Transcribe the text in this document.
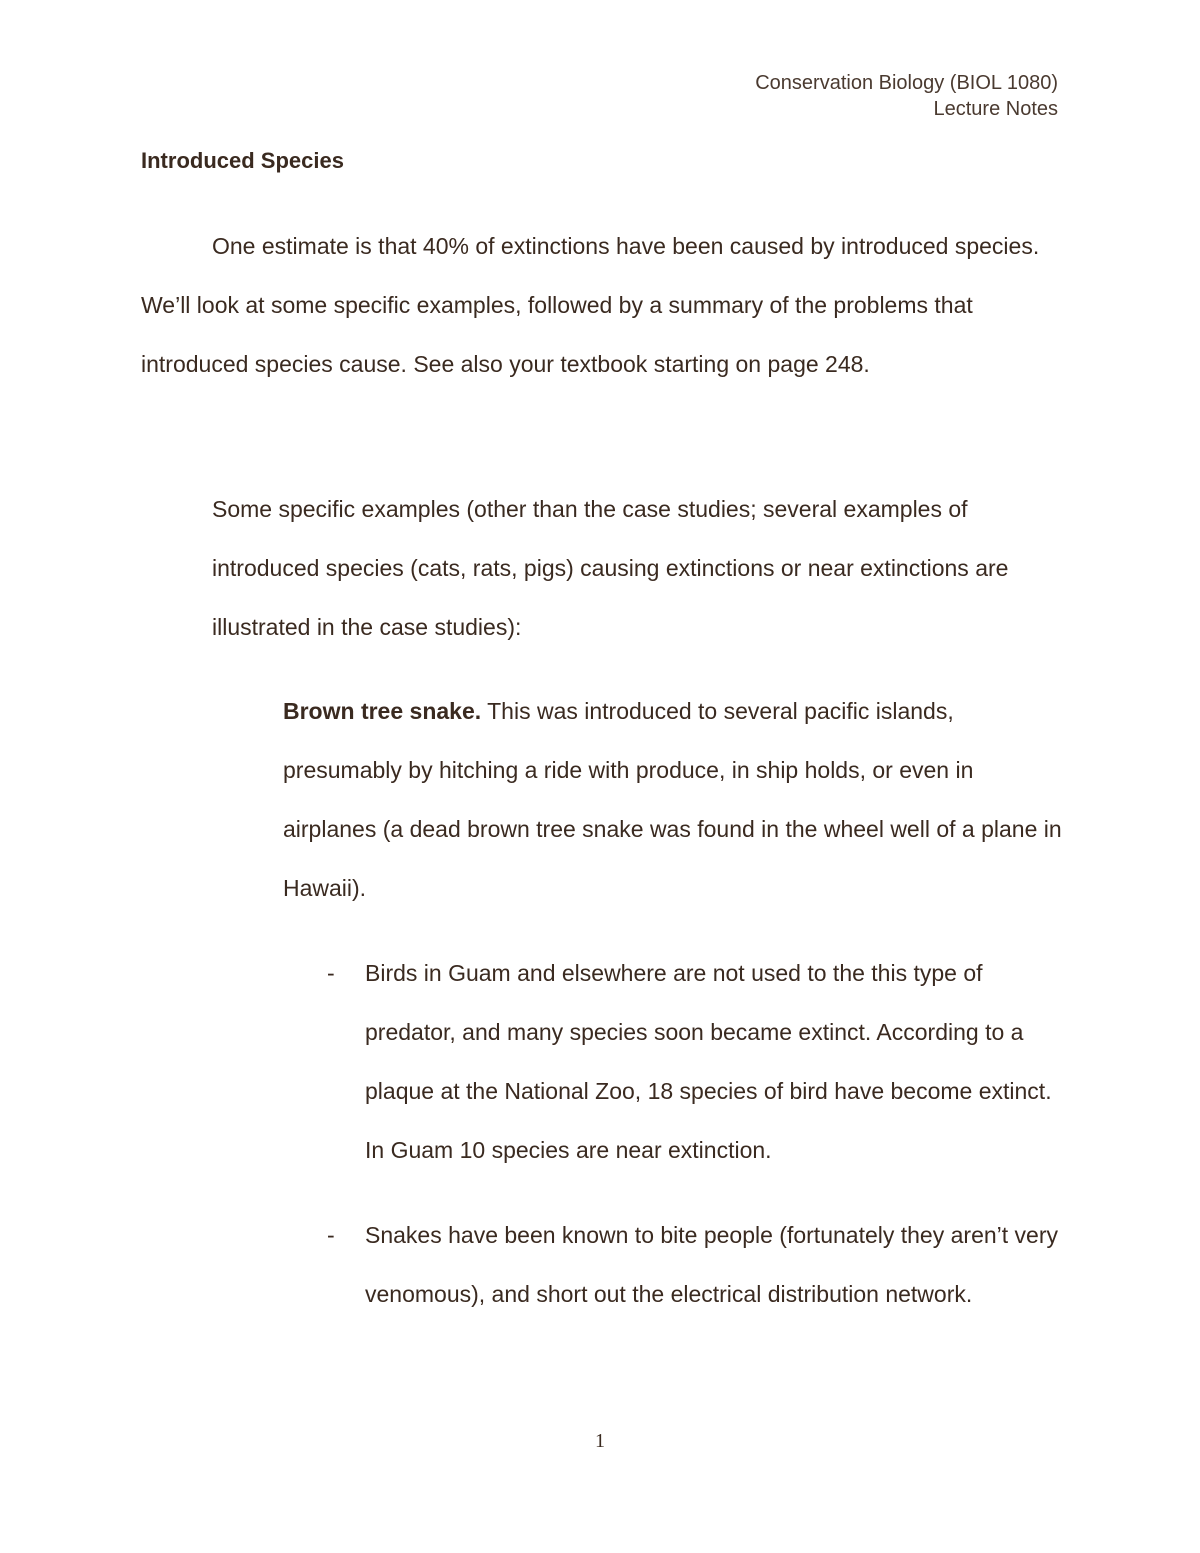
Conservation Biology (BIOL 1080)
Lecture Notes
Introduced Species

One estimate is that 40% of extinctions have been caused by introduced species. We’ll look at some specific examples, followed by a summary of the problems that introduced species cause. See also your textbook starting on page 248.

Some specific examples (other than the case studies; several examples of introduced species (cats, rats, pigs) causing extinctions or near extinctions are illustrated in the case studies):

Brown tree snake. This was introduced to several pacific islands, presumably by hitching a ride with produce, in ship holds, or even in airplanes (a dead brown tree snake was found in the wheel well of a plane in Hawaii).

- Birds in Guam and elsewhere are not used to the this type of predator, and many species soon became extinct. According to a plaque at the National Zoo, 18 species of bird have become extinct. In Guam 10 species are near extinction.

- Snakes have been known to bite people (fortunately they aren’t very venomous), and short out the electrical distribution network.

1
